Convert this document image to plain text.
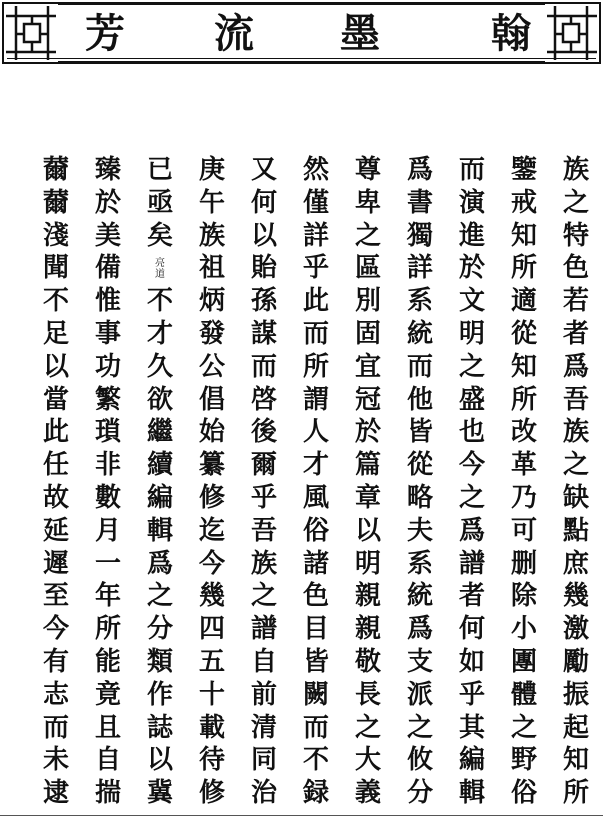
芳 流 墨	翰
族
之
特
色
若
者
爲
吾
族
之
缺
點
庶
幾
激
勵
振
起
知
所
鑒
戒
知
所
適
從
知
所
改
革
乃
可
删
除
小
團
體
之
野
俗
而
演
進
於
文
明
之
盛
也
今
之
爲
譜
者
何
如
乎
其
編
輯
爲
書
獨
詳
系
統
而
他
皆
從
略
夫
系
統
爲
支
派
之
攸
分
尊
卑
之
區
別
固
宜
冠
於
篇
章
以
明
親
親
敬
長
之
大
義
然
僅
詳
乎
此
而
所
謂
人
才
風
俗
諸
色
目
皆
闕
而
不
録
又
何
以
貽
孫
謀
而
啓
後
爾
乎
吾
族
之
譜
自
前
清
同
治
庚
午
族
祖
炳
發
公
倡
始
纂
修
迄
今
幾
四
五
十
載
待
修
已
亟
矣
亮
道
不
才
久
欲
繼
續
編
輯
爲
之
分
類
作
誌
以
冀
臻
於
美
備
惟
事
功
繁
瑣
非
數
月
一
年
所
能
竟
且
自
揣
薾
薾
淺
聞
不
足
以
當
此
任
故
延
遲
至
今
有
志
而
未
逮
